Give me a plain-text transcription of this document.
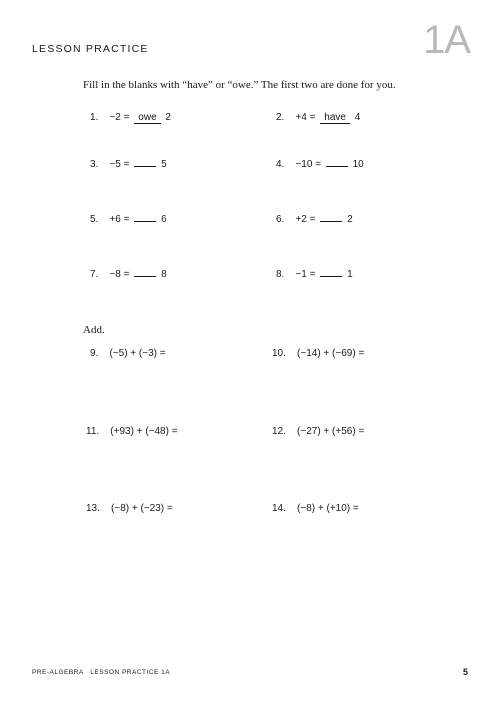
LESSON PRACTICE	1A
Fill in the blanks with “have” or “owe.” The first two are done for you.
1. −2 = owe 2	2. +4 = have 4
3. −5 =	5	4. −10 =	10
5. +6 =	6	6. +2 =	2
7. −8 =	8	8. −1 =	1
Add.
9. (−5) + (−3) =	10. (−14) + (−69) =
11. (+93) + (−48) =	12. (−27) + (+56) =
13. (−8) + (−23) =	14. (−8) + (+10) =
PRE-ALGEBRA   LESSON PRACTICE 1A	5
